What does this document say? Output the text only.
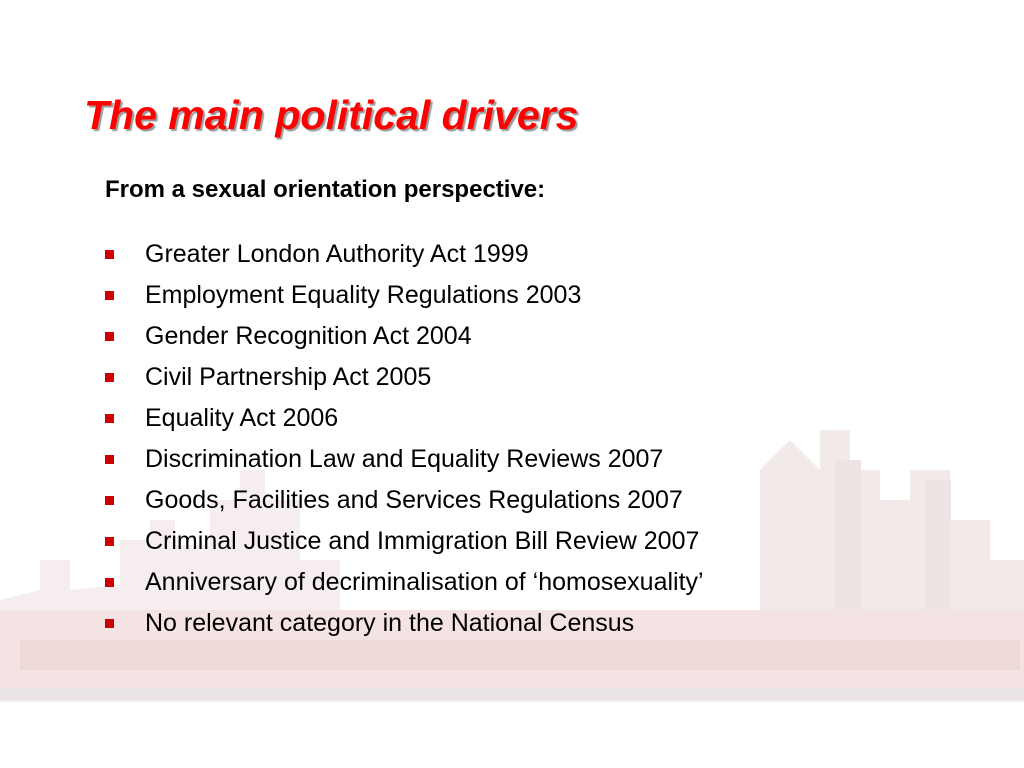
The main political drivers

From a sexual orientation perspective:

Greater London Authority Act 1999
Employment Equality Regulations 2003
Gender Recognition Act 2004
Civil Partnership Act 2005
Equality Act 2006
Discrimination Law and Equality Reviews 2007
Goods, Facilities and Services Regulations 2007
Criminal Justice and Immigration Bill Review 2007
Anniversary of decriminalisation of ‘homosexuality’
No relevant category in the National Census
